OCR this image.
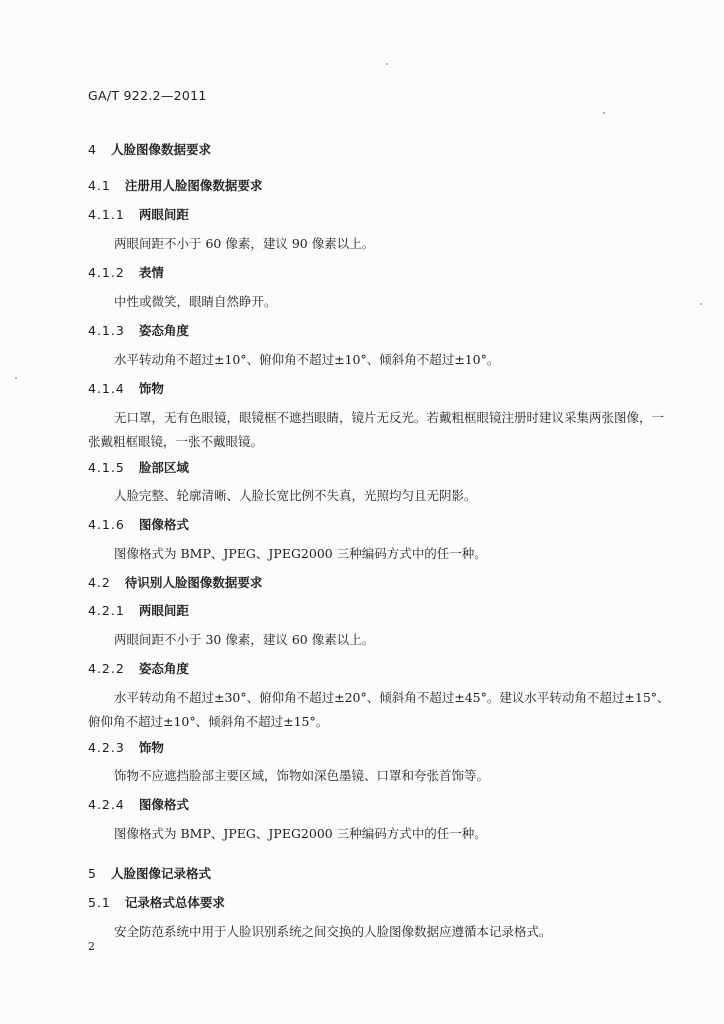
GA/T 922.2—2011
4 人脸图像数据要求
4.1 注册用人脸图像数据要求
4.1.1 两眼间距
两眼间距不小于 60 像素，建议 90 像素以上。
4.1.2 表情
中性或微笑，眼睛自然睁开。
4.1.3 姿态角度
水平转动角不超过±10°、俯仰角不超过±10°、倾斜角不超过±10°。
4.1.4 饰物
无口罩，无有色眼镜，眼镜框不遮挡眼睛，镜片无反光。若戴粗框眼镜注册时建议采集两张图像，一
张戴粗框眼镜，一张不戴眼镜。
4.1.5 脸部区域
人脸完整、轮廓清晰、人脸长宽比例不失真，光照均匀且无阴影。
4.1.6 图像格式
图像格式为 BMP、JPEG、JPEG2000 三种编码方式中的任一种。
4.2 待识别人脸图像数据要求
4.2.1 两眼间距
两眼间距不小于 30 像素，建议 60 像素以上。
4.2.2 姿态角度
水平转动角不超过±30°、俯仰角不超过±20°、倾斜角不超过±45°。建议水平转动角不超过±15°、
俯仰角不超过±10°、倾斜角不超过±15°。
4.2.3 饰物
饰物不应遮挡脸部主要区域，饰物如深色墨镜、口罩和夸张首饰等。
4.2.4 图像格式
图像格式为 BMP、JPEG、JPEG2000 三种编码方式中的任一种。
5 人脸图像记录格式
5.1 记录格式总体要求
安全防范系统中用于人脸识别系统之间交换的人脸图像数据应遵循本记录格式。
2
